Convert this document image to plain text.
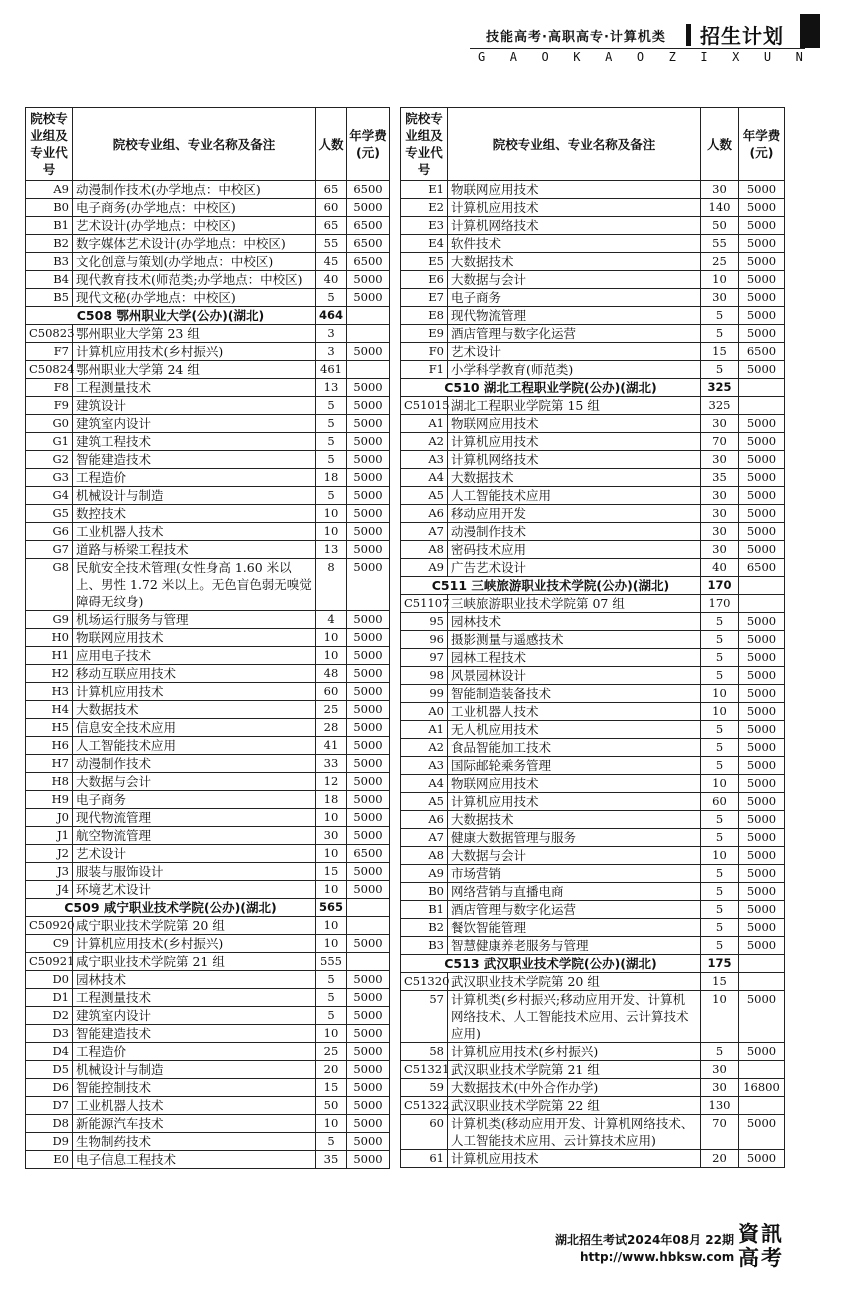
技能高考·高职高专·计算机类 招生计划
G A O K A O Z I X U N
院校专业组及专业代号	院校专业组、专业名称及备注	人数	年学费(元)
A9	动漫制作技术(办学地点：中校区)	65	6500
B0	电子商务(办学地点：中校区)	60	5000
B1	艺术设计(办学地点：中校区)	65	6500
B2	数字媒体艺术设计(办学地点：中校区)	55	6500
B3	文化创意与策划(办学地点：中校区)	45	6500
B4	现代教育技术(师范类;办学地点：中校区)	40	5000
B5	现代文秘(办学地点：中校区)	5	5000
C508 鄂州职业大学(公办)(湖北)		464	
C50823	鄂州职业大学第 23 组	3	
F7	计算机应用技术(乡村振兴)	3	5000
C50824	鄂州职业大学第 24 组	461	
F8	工程测量技术	13	5000
F9	建筑设计	5	5000
G0	建筑室内设计	5	5000
G1	建筑工程技术	5	5000
G2	智能建造技术	5	5000
G3	工程造价	18	5000
G4	机械设计与制造	5	5000
G5	数控技术	10	5000
G6	工业机器人技术	10	5000
G7	道路与桥梁工程技术	13	5000
G8	民航安全技术管理(女性身高 1.60 米以上、男性 1.72 米以上。无色盲色弱无嗅觉障碍无纹身)	8	5000
G9	机场运行服务与管理	4	5000
H0	物联网应用技术	10	5000
H1	应用电子技术	10	5000
H2	移动互联应用技术	48	5000
H3	计算机应用技术	60	5000
H4	大数据技术	25	5000
H5	信息安全技术应用	28	5000
H6	人工智能技术应用	41	5000
H7	动漫制作技术	33	5000
H8	大数据与会计	12	5000
H9	电子商务	18	5000
J0	现代物流管理	10	5000
J1	航空物流管理	30	5000
J2	艺术设计	10	6500
J3	服装与服饰设计	15	5000
J4	环境艺术设计	10	5000
C509 咸宁职业技术学院(公办)(湖北)		565	
C50920	咸宁职业技术学院第 20 组	10	
C9	计算机应用技术(乡村振兴)	10	5000
C50921	咸宁职业技术学院第 21 组	555	
D0	园林技术	5	5000
D1	工程测量技术	5	5000
D2	建筑室内设计	5	5000
D3	智能建造技术	10	5000
D4	工程造价	25	5000
D5	机械设计与制造	20	5000
D6	智能控制技术	15	5000
D7	工业机器人技术	50	5000
D8	新能源汽车技术	10	5000
D9	生物制药技术	5	5000
E0	电子信息工程技术	35	5000
院校专业组及专业代号	院校专业组、专业名称及备注	人数	年学费(元)
E1	物联网应用技术	30	5000
E2	计算机应用技术	140	5000
E3	计算机网络技术	50	5000
E4	软件技术	55	5000
E5	大数据技术	25	5000
E6	大数据与会计	10	5000
E7	电子商务	30	5000
E8	现代物流管理	5	5000
E9	酒店管理与数字化运营	5	5000
F0	艺术设计	15	6500
F1	小学科学教育(师范类)	5	5000
C510 湖北工程职业学院(公办)(湖北)		325	
C51015	湖北工程职业学院第 15 组	325	
A1	物联网应用技术	30	5000
A2	计算机应用技术	70	5000
A3	计算机网络技术	30	5000
A4	大数据技术	35	5000
A5	人工智能技术应用	30	5000
A6	移动应用开发	30	5000
A7	动漫制作技术	30	5000
A8	密码技术应用	30	5000
A9	广告艺术设计	40	6500
C511 三峡旅游职业技术学院(公办)(湖北)		170	
C51107	三峡旅游职业技术学院第 07 组	170	
95	园林技术	5	5000
96	摄影测量与遥感技术	5	5000
97	园林工程技术	5	5000
98	风景园林设计	5	5000
99	智能制造装备技术	10	5000
A0	工业机器人技术	10	5000
A1	无人机应用技术	5	5000
A2	食品智能加工技术	5	5000
A3	国际邮轮乘务管理	5	5000
A4	物联网应用技术	10	5000
A5	计算机应用技术	60	5000
A6	大数据技术	5	5000
A7	健康大数据管理与服务	5	5000
A8	大数据与会计	10	5000
A9	市场营销	5	5000
B0	网络营销与直播电商	5	5000
B1	酒店管理与数字化运营	5	5000
B2	餐饮智能管理	5	5000
B3	智慧健康养老服务与管理	5	5000
C513 武汉职业技术学院(公办)(湖北)		175	
C51320	武汉职业技术学院第 20 组	15	
57	计算机类(乡村振兴;移动应用开发、计算机网络技术、人工智能技术应用、云计算技术应用)	10	5000
58	计算机应用技术(乡村振兴)	5	5000
C51321	武汉职业技术学院第 21 组	30	
59	大数据技术(中外合作办学)	30	16800
C51322	武汉职业技术学院第 22 组	130	
60	计算机类(移动应用开发、计算机网络技术、人工智能技术应用、云计算技术应用)	70	5000
61	计算机应用技术	20	5000
湖北招生考试2024年08月 22期
http://www.hbksw.com
資訊高考
